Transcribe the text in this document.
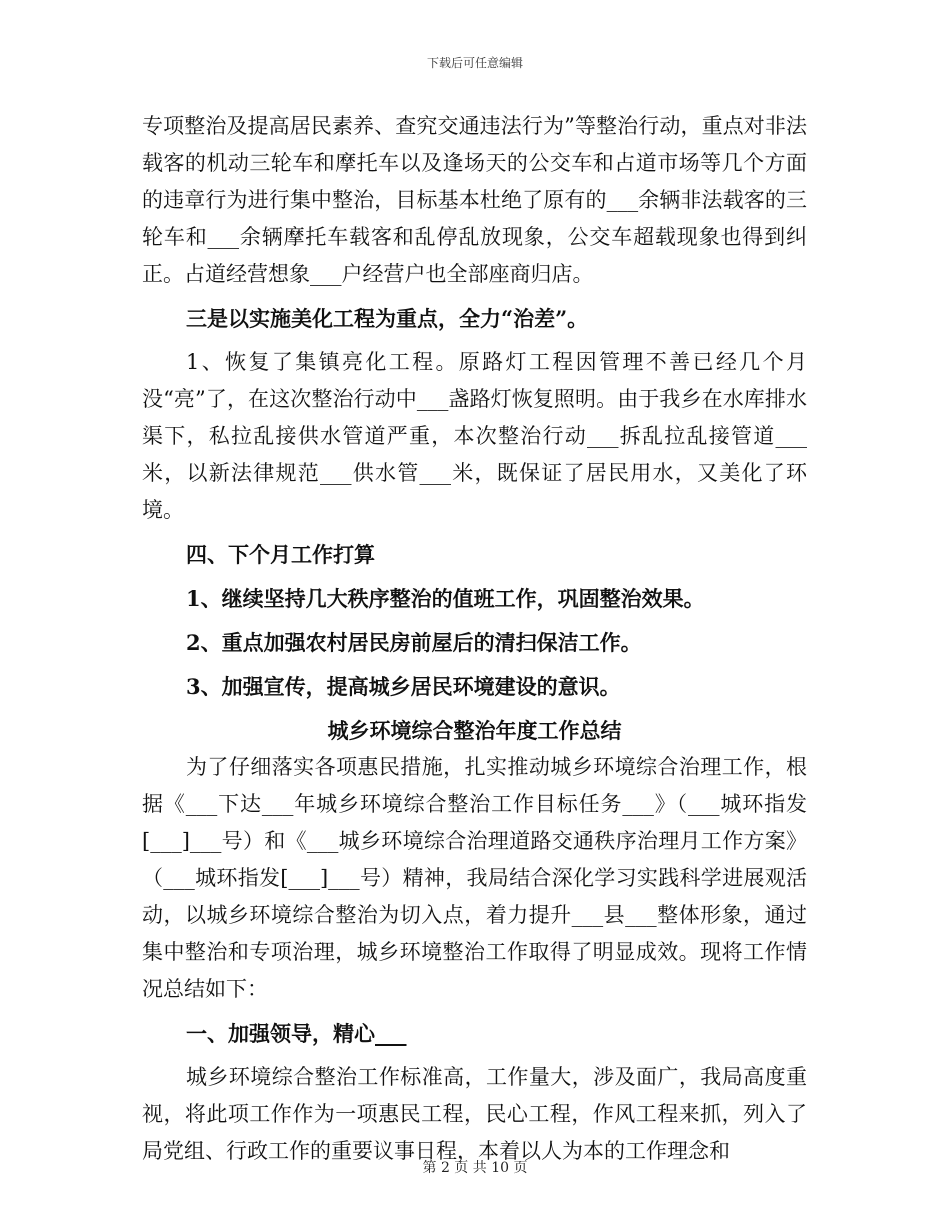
下载后可任意编辑

专项整治及提高居民素养、查究交通违法行为”等整治行动，重点对非法载客的机动三轮车和摩托车以及逢场天的公交车和占道市场等几个方面的违章行为进行集中整治，目标基本杜绝了原有的___余辆非法载客的三轮车和___余辆摩托车载客和乱停乱放现象，公交车超载现象也得到纠正。占道经营想象___户经营户也全部座商归店。

三是以实施美化工程为重点，全力“治差”。

1、恢复了集镇亮化工程。原路灯工程因管理不善已经几个月没“亮”了，在这次整治行动中___盏路灯恢复照明。由于我乡在水库排水渠下，私拉乱接供水管道严重，本次整治行动___拆乱拉乱接管道___米，以新法律规范___供水管___米，既保证了居民用水，又美化了环境。

四、下个月工作打算

1、继续坚持几大秩序整治的值班工作，巩固整治效果。

2、重点加强农村居民房前屋后的清扫保洁工作。

3、加强宣传，提高城乡居民环境建设的意识。

城乡环境综合整治年度工作总结

为了仔细落实各项惠民措施，扎实推动城乡环境综合治理工作，根据《___下达___年城乡环境综合整治工作目标任务___》（___城环指发[___]___号）和《___城乡环境综合治理道路交通秩序治理月工作方案》（___城环指发[___]___号）精神，我局结合深化学习实践科学进展观活动，以城乡环境综合整治为切入点，着力提升___县___整体形象，通过集中整治和专项治理，城乡环境整治工作取得了明显成效。现将工作情况总结如下：

一、加强领导，精心___

城乡环境综合整治工作标准高，工作量大，涉及面广，我局高度重视，将此项工作作为一项惠民工程，民心工程，作风工程来抓，列入了局党组、行政工作的重要议事日程，本着以人为本的工作理念和

第 2 页 共 10 页
